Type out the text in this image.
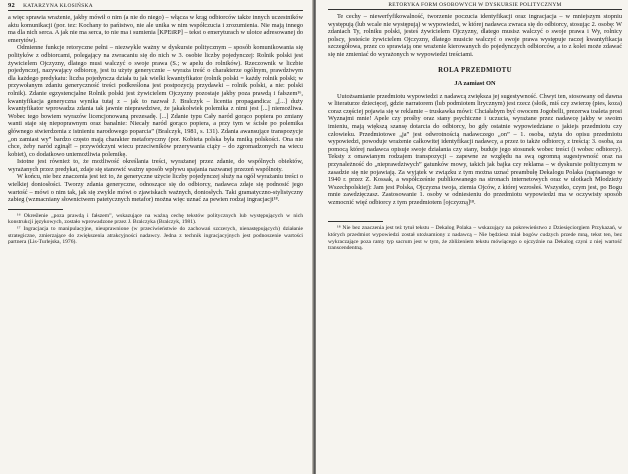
92 KATARZYNA KŁOSIŃSKA

a więc sprawia wrażenie, jakby mówił o nim (a nie do niego) – włącza w krąg odbiorców także innych uczestników aktu komunikacji (por. tez: Kochany to pańistwo, nie ale unika w nim współczucia i zrozumienia. Nie mają innego ma dla nich serca. A jak nie ma serca, to nie ma i sumienia [KPEiRP] – tekst o emeryturach w ulotce adresowanej do emerytów).

Odmienne funkcje retoryczne pełni – niezwykle ważny w dyskursie politycznym – sposób komunikowania się polityków z odbiorcami, polegający na zwracaniu się do nich w 3. osobie liczby pojedynczej: Rolnik polski jest żywicielem Ojczyzny, dlatego musi walczyć o swoje prawa (S.; w apelu do rolników). Rzeczownik w liczbie pojedynczej, nazywający odbiorcę, jest tu użyty generycznie – wyraża treść o charakterze ogólnym, prawdziwym dla każdego predykatu: liczba pojedyncza działa tu jak wielki kwantyfikator (rolnik polski = każdy rolnik polski; w przywołanym zdaniu generyczność treści podkreślona jest postpozycją przydawki – rolnik polski, a nie: polski rolnik). Zdanie egzystencjalne Rolnik polski jest żywicielem Ojczyzny pozostaje jakby poza prawdą i fałszem¹⁶, kwantyfikacja generyczna wynika tutaj z – jak to nazwał J. Bralczyk – licentia propagandica: „[...] duży kwantyfikator wprowadza zdania tak jawnie nieprawdziwe, że jakakolwiek polemika z nimi jest [...] niemożliwa. Wobec tego bowiem wyrazów licencjonowaną prezesadę. [...] Zdanie typu Cały naród gorąco popiera po zmiany wanti staje się niepoprawnym oraz banalnie: Niecały naród gorąco popiera, a przy tym w ścisłe po polemika głównego stwierdzenia z istnieniu narodowego poparcia” (Bralczyk, 1981, s. 131). Zdania awansujące transpozycje „on zamiast wy” bardzo często mają charakter metaforyczny (por. Kobieta polska była mniką polskości. Ona nie chce, żeby naród zginął! – przywódczyni wiecu przeciwników przerywania ciąży – do zgromadzonych na wiecu kobiet), co dodatkowo uniemożliwia polemikę.

Istotne jest również to, że możliwość określania treści, wyrażanej przez zdanie, do wspólnych obiektów, wyrażanych przez predykat, zdaje się stanowić ważny sposób wpływu spajania nazwanej przezeń wspólnoty.

W końcu, nie bez znaczenia jest też to, że generyczne użycie liczby pojedynczej służy na ogół wyrażaniu treści o wielkiej doniosłości. Tworzy zdania generyczne, odnoszące się do odbiorcy, nadawca zdaje się podnosić jego wartość – mówi o nim tak, jak się zwykle mówi o zjawiskach ważnych, doniosłych. Taki gramatyczno-stylistyczny zabieg (wzmacniany słownictwem patetycznych metafor) można więc uznać za pewien rodzaj ingracjacji¹⁸.

¹⁶ Określenie „poza prawdą i fałszem”, wskazujące na ważną cechę tekstów politycznych lub występujących w nich konstrukcji językowych, zostało wprowadzone przez J. Bralczyka (Bralczyk, 1981).

¹⁷ Ingracjacja to manipulacyjne, nieuprawnione (w przeciwieństwie do zachowań szczerych, nienastępujących) działanie strategiczne, zmierzające do zwiększenia atrakcyjności nadawcy. Jedna z technik ingracjacyjnych jest podnoszenie wartości partnera (Lis-Turlejska, 1976).

RETORYKA FORM OSOBOWYCH W DYSKURSIE POLITYCZNYM

Te cechy – niewerfyfikowalność, tworzenie poczucia identyfikacji oraz ingracjacja – w mniejszym stopniu występują (lub wcale nie występują) w wypowiedzi, w której nadawca zwraca się do odbiorcy, stosując 2. osobę: W zdaniach Ty, rolniku polski, jesteś żywicielem Ojczyzny, dlatego musisz walczyć o swoje prawa i Wy, rolnicy polscy, jesteście żywicielem Ojczyzny, dlatego musicie walczyć o swoje prawa występuje raczej kwantyfikacja szczegółowa, przez co sprawiają one wrażenie kierowanych do pojedynczych odbiorców, a to z kolei może zdawać się nie zmieniać do wyrażonych w wypowiedzi treściami.

ROLA PRZEDMIOTU
JA zamiast ON

Uutożsamianie przedmiotu wypowiedzi z nadawcą zwiększa jej sugestywność. Chwyt ten, stosowany od dawna w literaturze dziecięcej, gdzie narratorem (lub podmiotem lirycznym) jest rzecz (słoik, miś czy zwierzę (pies, koza) coraz częściej pojawia się w reklamie – truskawka mówi: Chciałabym być owocem Jogobelli, prezerwa toaleta prosi Wyznajmi mnie! Apele czy prośby oraz stany psychiczne i uczucia, wyrażane przez nadawcę jakby w swoim imieniu, mają większą szansę dotarcia do odbiorcy, bo gdy ostatnie wypowiedziane o jakiejs przedmiotu czy człowieku. Przedmiotowe „ja” jest odwrotnością nadawczego „on” – 1. osoba, użyta do opisu przedmiotu wypowiedzi, powoduje wrażenie całkowitej identyfikacji nadawcy, a przez to także odbiorcy, z treścią: 3. osoba, za pomocą której nadawca opisuje swoje działania czy stany, buduje jego stosunek wobec treści (i wobec odbiorcy). Teksty z omawianym rodzajem transpozycji – zapewne ze względu na swą ogromną sugestywność oraz na przynależność do „nieprawdziwych” gatunków mowy, takich jak bajka czy reklama – w dyskursie politycznym w zasadzie się nie pojawiają. Za wyjątek w związku z tym można uznać preambułę Dekalogu Polaka (napisanego w 1940 r. przez Z. Kossak, a współcześnie publikowanego na stronach internetowych oraz w ulotkach Młodzieży Wszechpolskiej): Jam jest Polska, Ojczyzna twoja, ziemia Ojców, z której wzrosłeś. Wszystko, czym jest, po Bogu mnie zawdzięczasz. Zastosowanie 1. osoby w odniesieniu do przedmiotu wypowiedzi ma w oczywisty sposób wzmocnić więź odbiorcy z tym przedmiotem [ojczyzną]¹⁸.

¹⁸ Nie bez znaczenia jest też tytuł tekstu – Dekalog Polaka – wskazujący na pokrewieństwo z Dziesięciorgiem Przykazań, w których przedmiot wypowiedzi został utożsamiony z nadawcą – Nie będziesz miał bogów cudzych przede mną, tekst ten, bez wykraczające poza ramy typ sacrum jest w tym, że zbliżeniem tekstu mówiącego o ojczyźnie na Dekalog czyni z niej wartość transcendentną.
